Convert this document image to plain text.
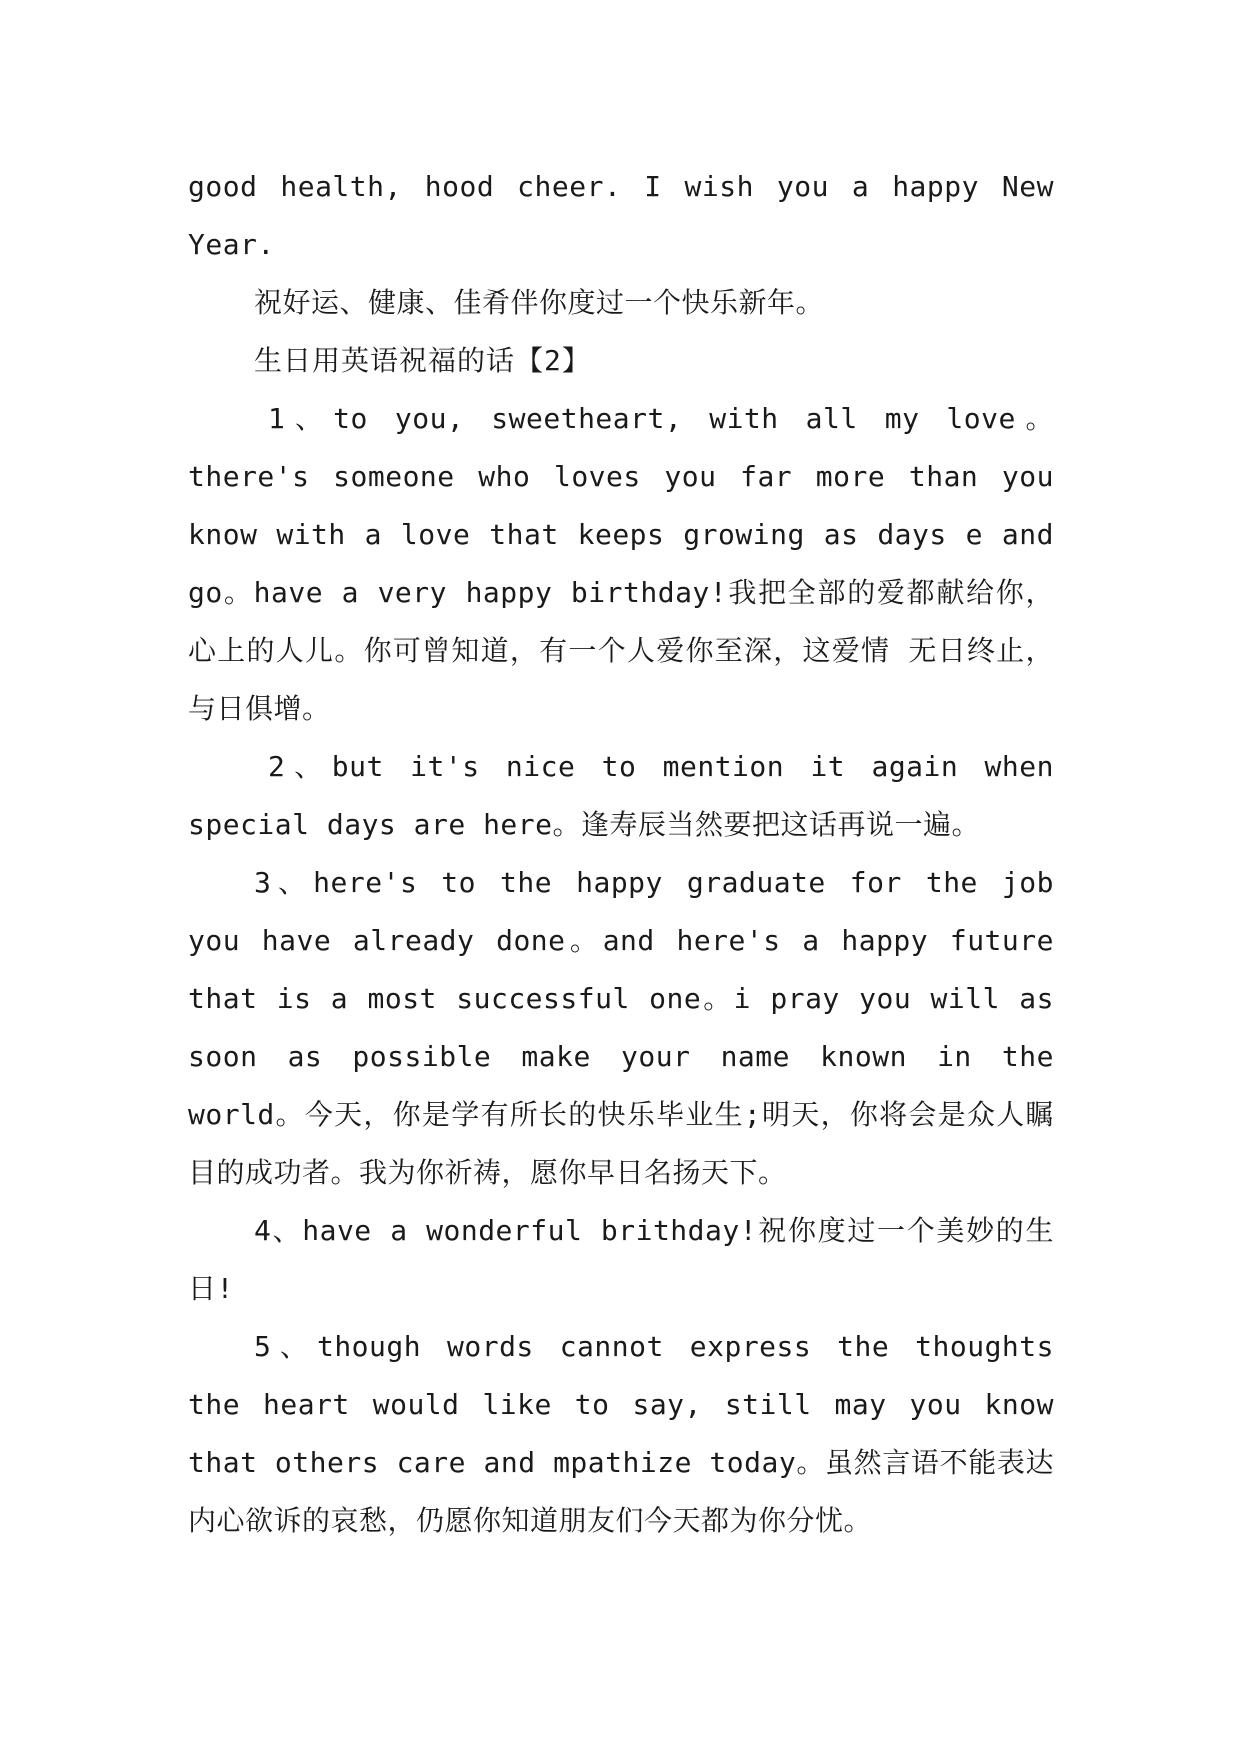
good health, hood cheer. I wish you a happy New Year.

祝好运、健康、佳肴伴你度过一个快乐新年。

生日用英语祝福的话【2】

1、to you, sweetheart, with all my love。there's someone who loves you far more than you know with a love that keeps growing as days e and go。have a very happy birthday!我把全部的爱都献给你，心上的人儿。你可曾知道，有一个人爱你至深，这爱情 无日终止，与日俱增。

2、but it's nice to mention it again when special days are here。逢寿辰当然要把这话再说一遍。

3、here's to the happy graduate for the job you have already done。and here's a happy future that is a most successful one。i pray you will as soon as possible make your name known in the world。今天，你是学有所长的快乐毕业生;明天，你将会是众人瞩目的成功者。我为你祈祷，愿你早日名扬天下。

4、have a wonderful brithday!祝你度过一个美妙的生日!

5、though words cannot express the thoughts the heart would like to say, still may you know that others care and mpathize today。虽然言语不能表达内心欲诉的哀愁，仍愿你知道朋友们今天都为你分忧。
